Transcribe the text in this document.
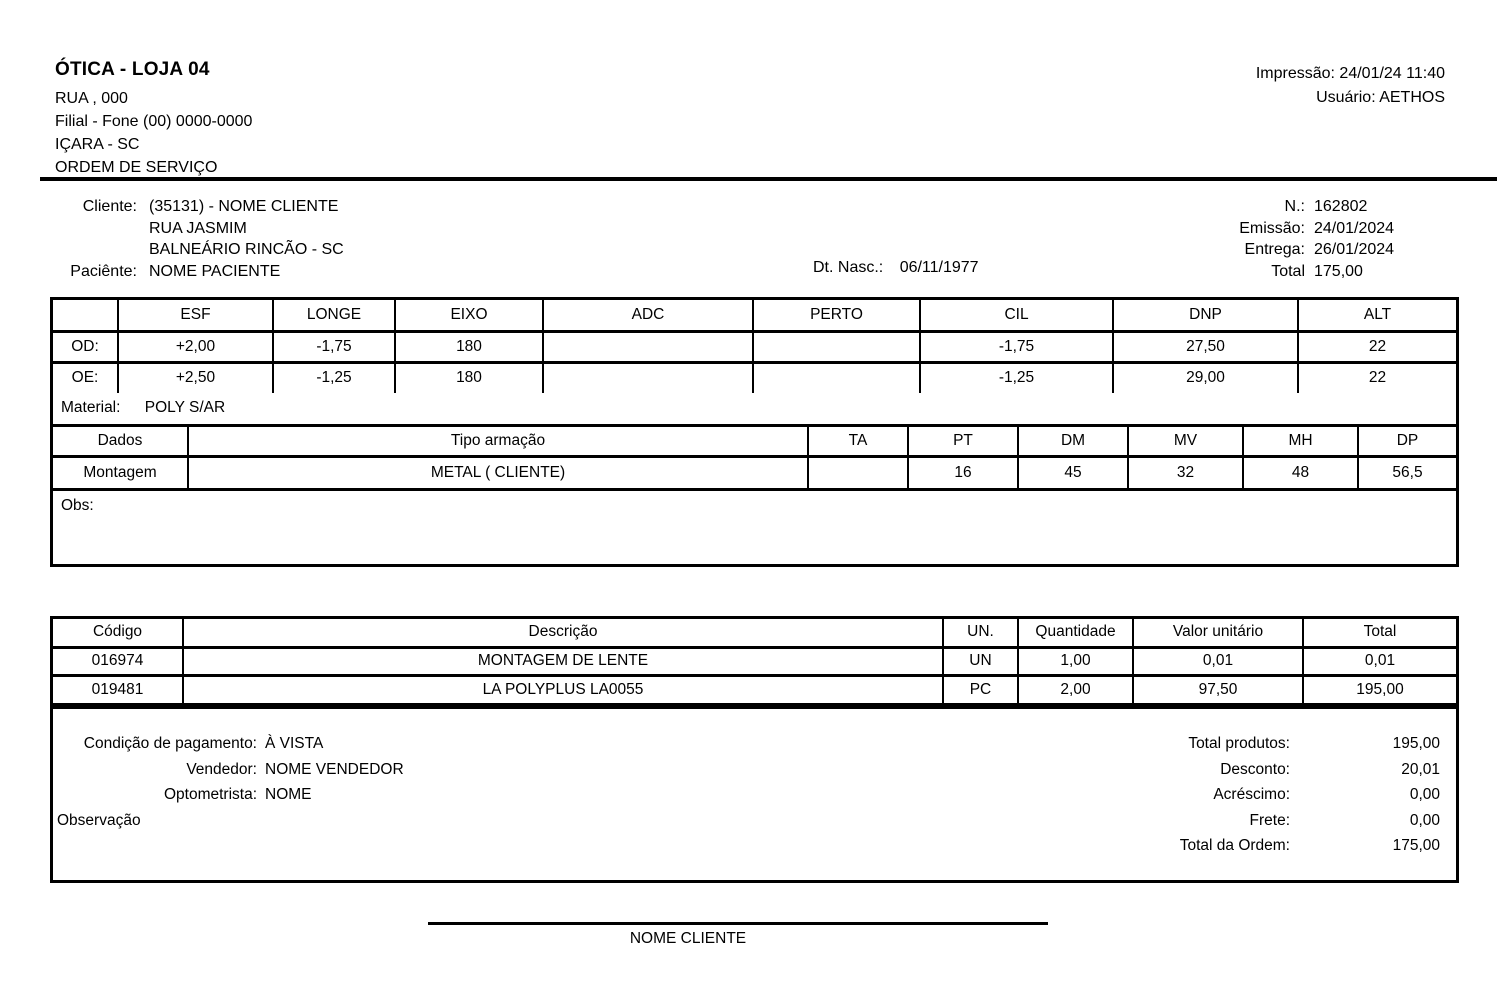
ÓTICA - LOJA 04
RUA , 000
Filial - Fone (00) 0000-0000
IÇARA - SC
ORDEM DE SERVIÇO
Impressão: 24/01/24 11:40
Usuário: AETHOS
Cliente: (35131) - NOME CLIENTE
RUA JASMIM
BALNEÁRIO RINCÃO - SC
Paciênte: NOME PACIENTE	Dt. Nasc.: 06/11/1977
N.: 162802
Emissão: 24/01/2024
Entrega: 26/01/2024
Total 175,00
	ESF	LONGE	EIXO	ADC	PERTO	CIL	DNP	ALT
OD:	+2,00	-1,75	180			-1,75	27,50	22
OE:	+2,50	-1,25	180			-1,25	29,00	22
Material: POLY S/AR
Dados	Tipo armação	TA	PT	DM	MV	MH	DP
Montagem	METAL ( CLIENTE)		16	45	32	48	56,5
Obs:
Código	Descrição	UN.	Quantidade	Valor unitário	Total
016974	MONTAGEM DE LENTE	UN	1,00	0,01	0,01
019481	LA POLYPLUS LA0055	PC	2,00	97,50	195,00
Condição de pagamento: À VISTA
Vendedor: NOME VENDEDOR
Optometrista: NOME
Observação
Total produtos:	195,00
Desconto:	20,01
Acréscimo:	0,00
Frete:	0,00
Total da Ordem:	175,00
NOME CLIENTE
